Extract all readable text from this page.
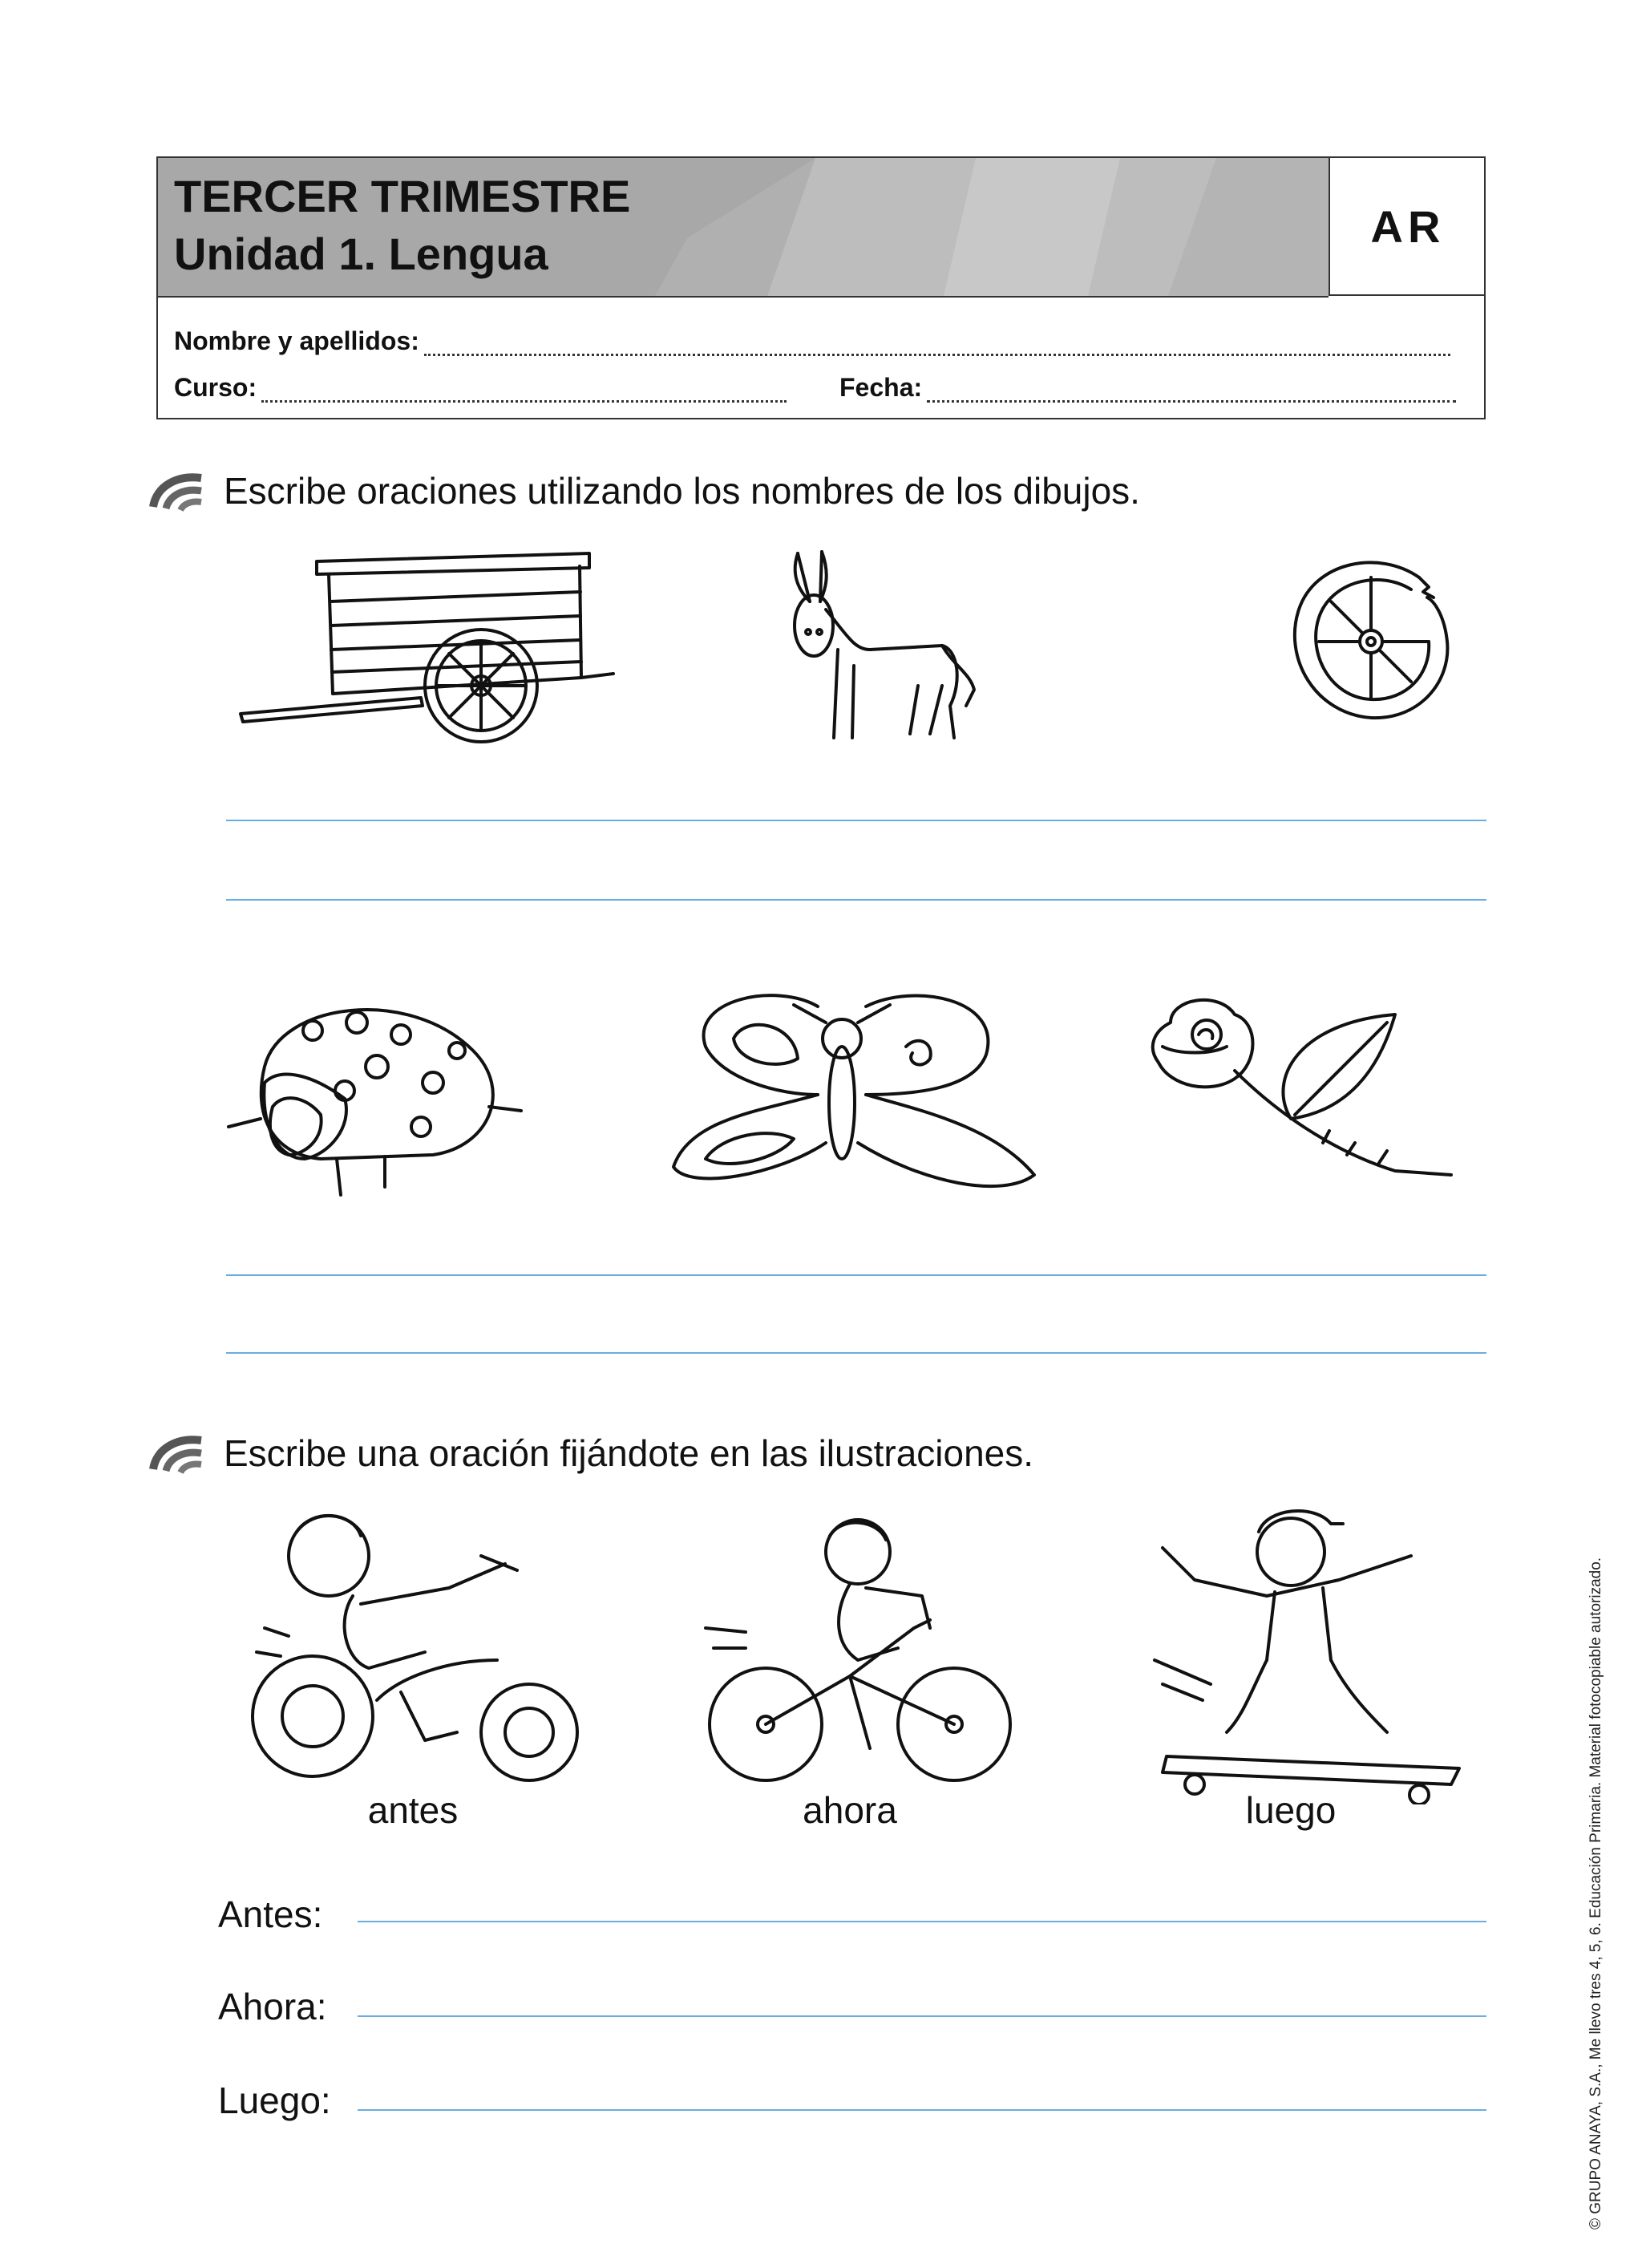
TERCER TRIMESTRE
Unidad 1. Lengua
AR
Nombre y apellidos:
Curso:	Fecha:
Escribe oraciones utilizando los nombres de los dibujos.
Escribe una oración fijándote en las ilustraciones.
antes	ahora	luego
Antes:
Ahora:
Luego:	© GRUPO ANAYA, S.A., Me llevo tres 4, 5, 6. Educación Primaria. Material fotocopiable autorizado.
